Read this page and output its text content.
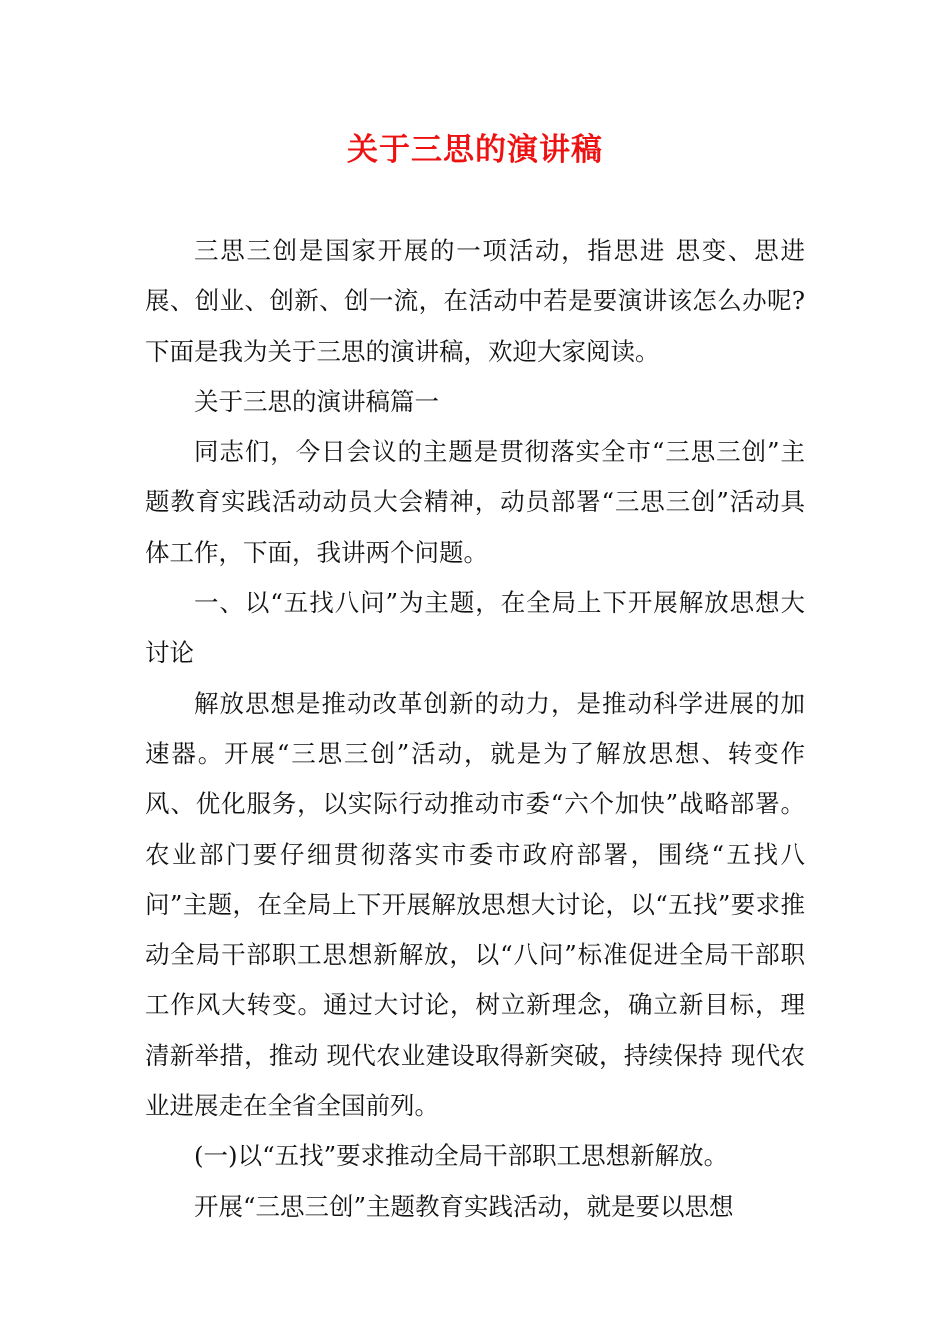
关于三思的演讲稿

三思三创是国家开展的一项活动，指思进 思变、思进展、创业、创新、创一流，在活动中若是要演讲该怎么办呢?下面是我为关于三思的演讲稿，欢迎大家阅读。

关于三思的演讲稿篇一

同志们，今日会议的主题是贯彻落实全市“三思三创”主题教育实践活动动员大会精神，动员部署“三思三创”活动具体工作，下面，我讲两个问题。

一、以“五找八问”为主题，在全局上下开展解放思想大讨论

解放思想是推动改革创新的动力，是推动科学进展的加速器。开展“三思三创”活动，就是为了解放思想、转变作风、优化服务，以实际行动推动市委“六个加快”战略部署。农业部门要仔细贯彻落实市委市政府部署，围绕“五找八问”主题，在全局上下开展解放思想大讨论，以“五找”要求推动全局干部职工思想新解放，以“八问”标准促进全局干部职工作风大转变。通过大讨论，树立新理念，确立新目标，理清新举措，推动 现代农业建设取得新突破，持续保持 现代农业进展走在全省全国前列。

(一)以“五找”要求推动全局干部职工思想新解放。

开展“三思三创”主题教育实践活动，就是要以思想
